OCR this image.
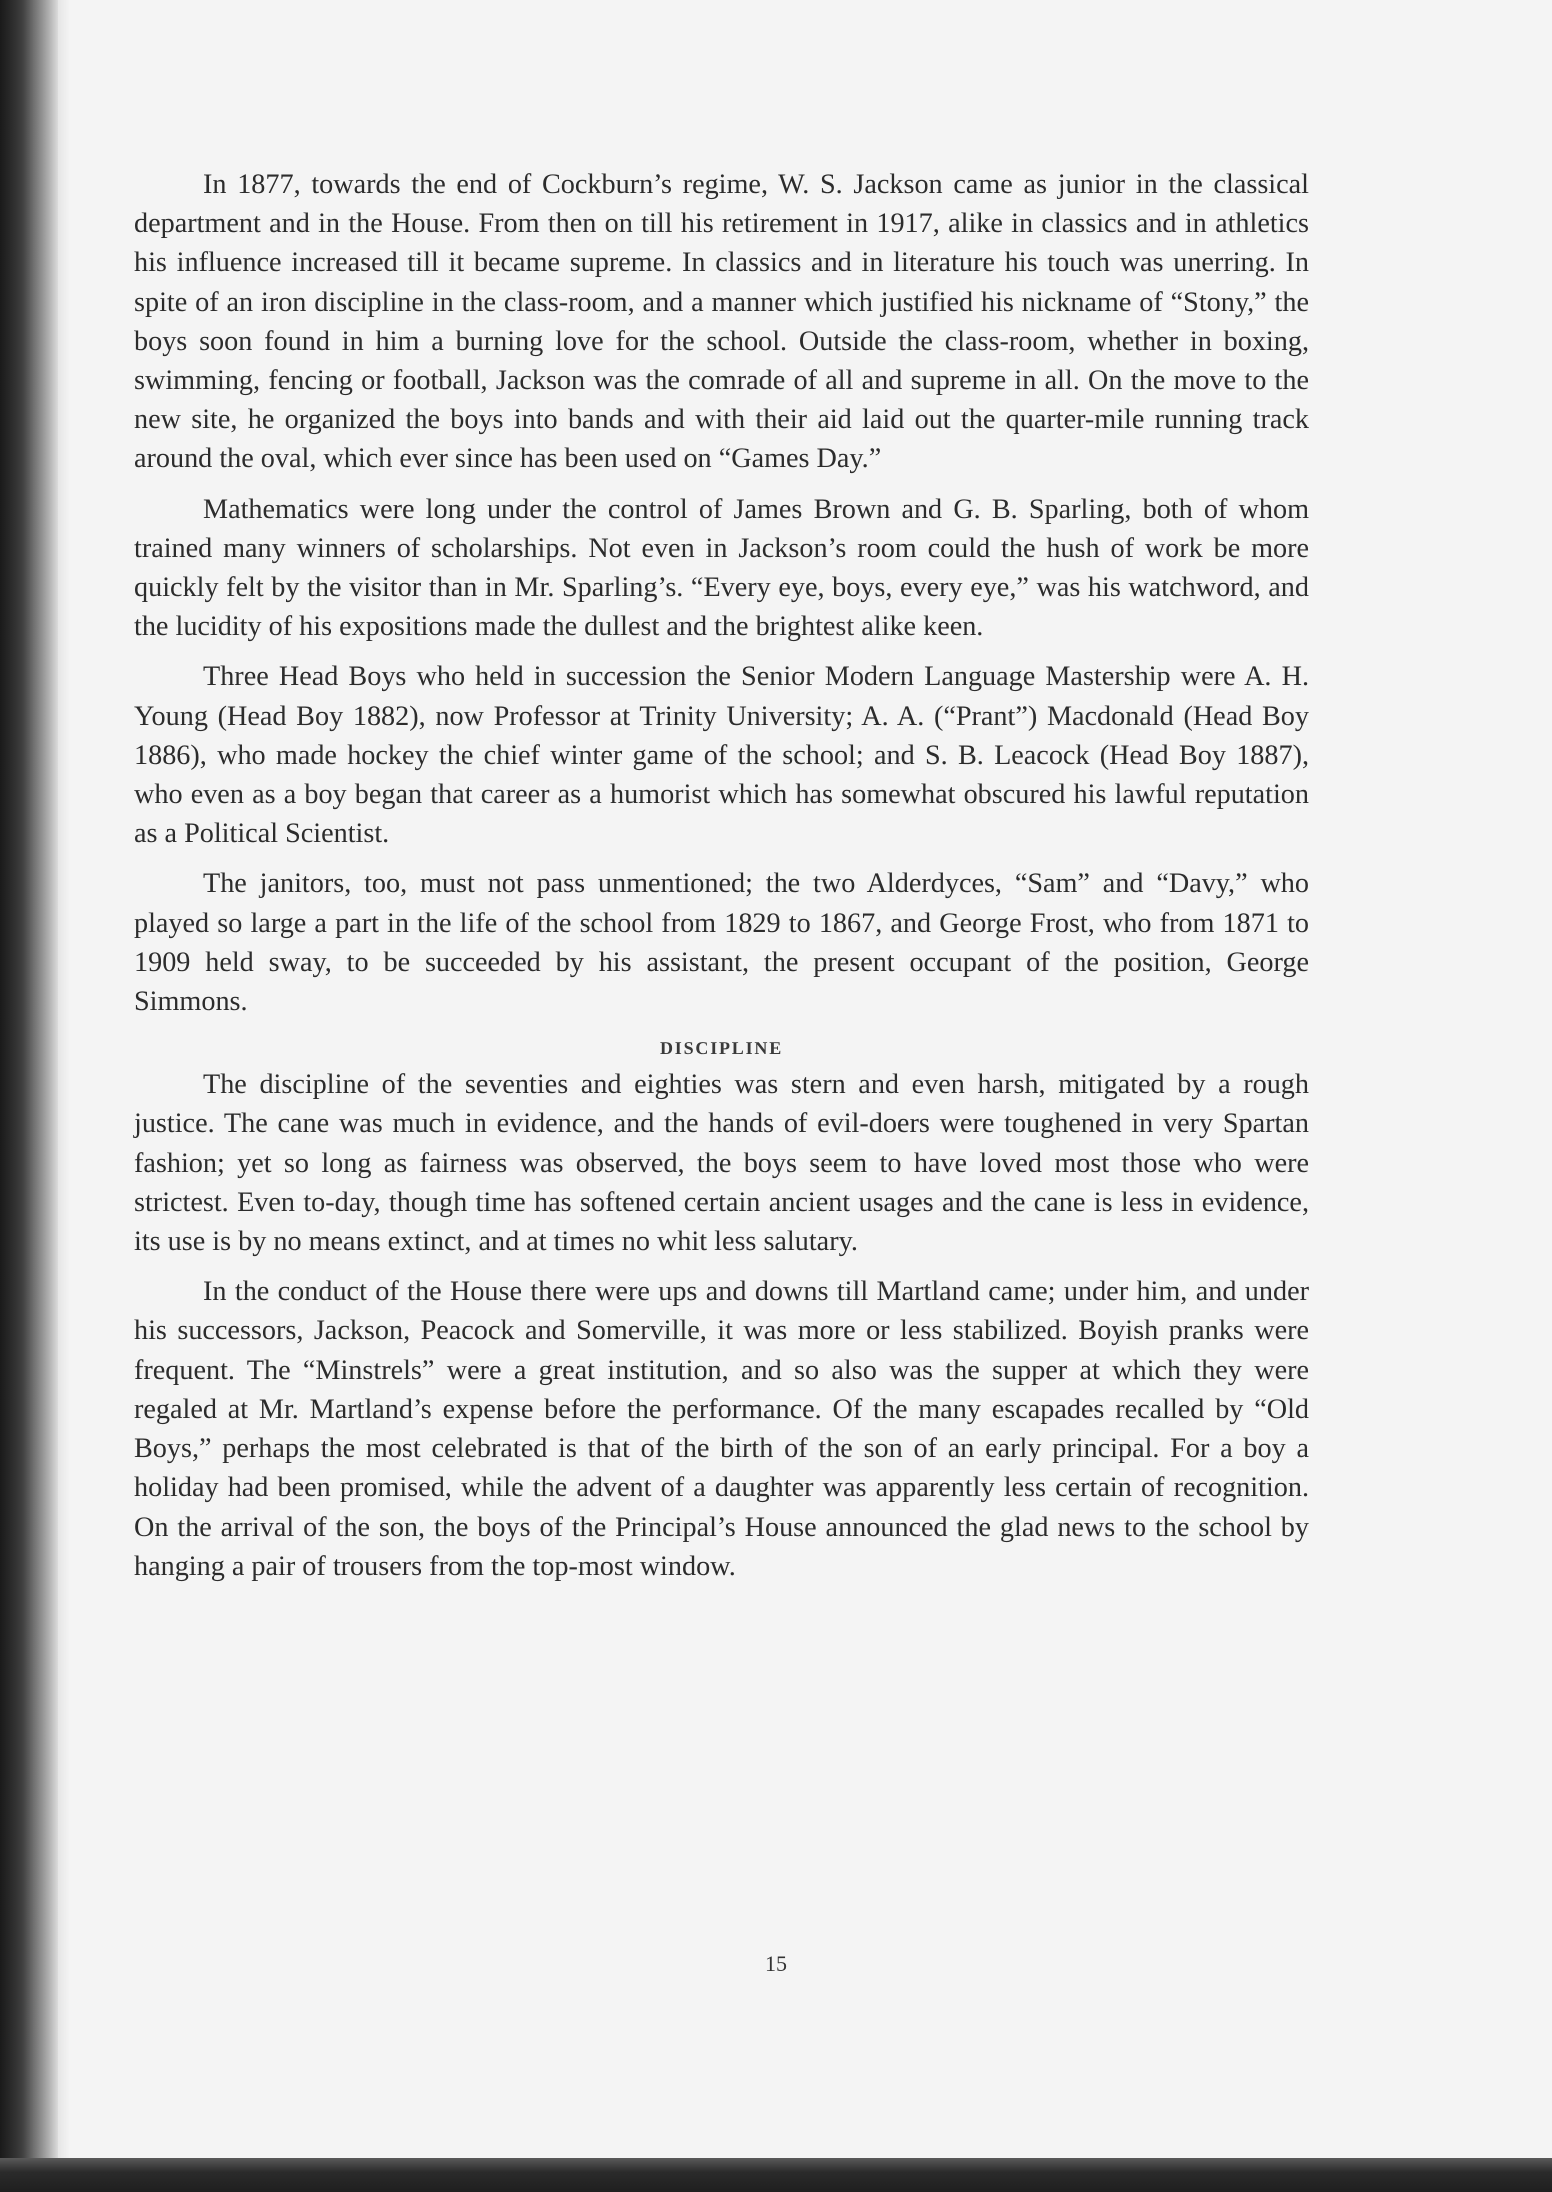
In 1877, towards the end of Cockburn’s regime, W. S. Jackson came as junior in the classical department and in the House. From then on till his retirement in 1917, alike in classics and in athletics his influence increased till it became supreme. In classics and in literature his touch was unerring. In spite of an iron discipline in the class-room, and a manner which justified his nickname of “Stony,” the boys soon found in him a burning love for the school. Outside the class-room, whether in boxing, swimming, fencing or football, Jackson was the comrade of all and supreme in all. On the move to the new site, he organized the boys into bands and with their aid laid out the quarter-mile running track around the oval, which ever since has been used on “Games Day.”

Mathematics were long under the control of James Brown and G. B. Sparling, both of whom trained many winners of scholarships. Not even in Jackson’s room could the hush of work be more quickly felt by the visitor than in Mr. Sparling’s. “Every eye, boys, every eye,” was his watchword, and the lucidity of his expositions made the dullest and the brightest alike keen.

Three Head Boys who held in succession the Senior Modern Language Mastership were A. H. Young (Head Boy 1882), now Professor at Trinity University; A. A. (“Prant”) Macdonald (Head Boy 1886), who made hockey the chief winter game of the school; and S. B. Leacock (Head Boy 1887), who even as a boy began that career as a humorist which has somewhat obscured his lawful reputation as a Political Scientist.

The janitors, too, must not pass unmentioned; the two Alderdyces, “Sam” and “Davy,” who played so large a part in the life of the school from 1829 to 1867, and George Frost, who from 1871 to 1909 held sway, to be succeeded by his assistant, the present occupant of the position, George Simmons.

DISCIPLINE

The discipline of the seventies and eighties was stern and even harsh, mitigated by a rough justice. The cane was much in evidence, and the hands of evil-doers were toughened in very Spartan fashion; yet so long as fairness was observed, the boys seem to have loved most those who were strictest. Even to-day, though time has softened certain ancient usages and the cane is less in evidence, its use is by no means extinct, and at times no whit less salutary.

In the conduct of the House there were ups and downs till Martland came; under him, and under his successors, Jackson, Peacock and Somerville, it was more or less stabilized. Boyish pranks were frequent. The “Minstrels” were a great institution, and so also was the supper at which they were regaled at Mr. Martland’s expense before the performance. Of the many escapades recalled by “Old Boys,” perhaps the most celebrated is that of the birth of the son of an early principal. For a boy a holiday had been promised, while the advent of a daughter was apparently less certain of recognition. On the arrival of the son, the boys of the Principal’s House announced the glad news to the school by hanging a pair of trousers from the top-most window.

15
